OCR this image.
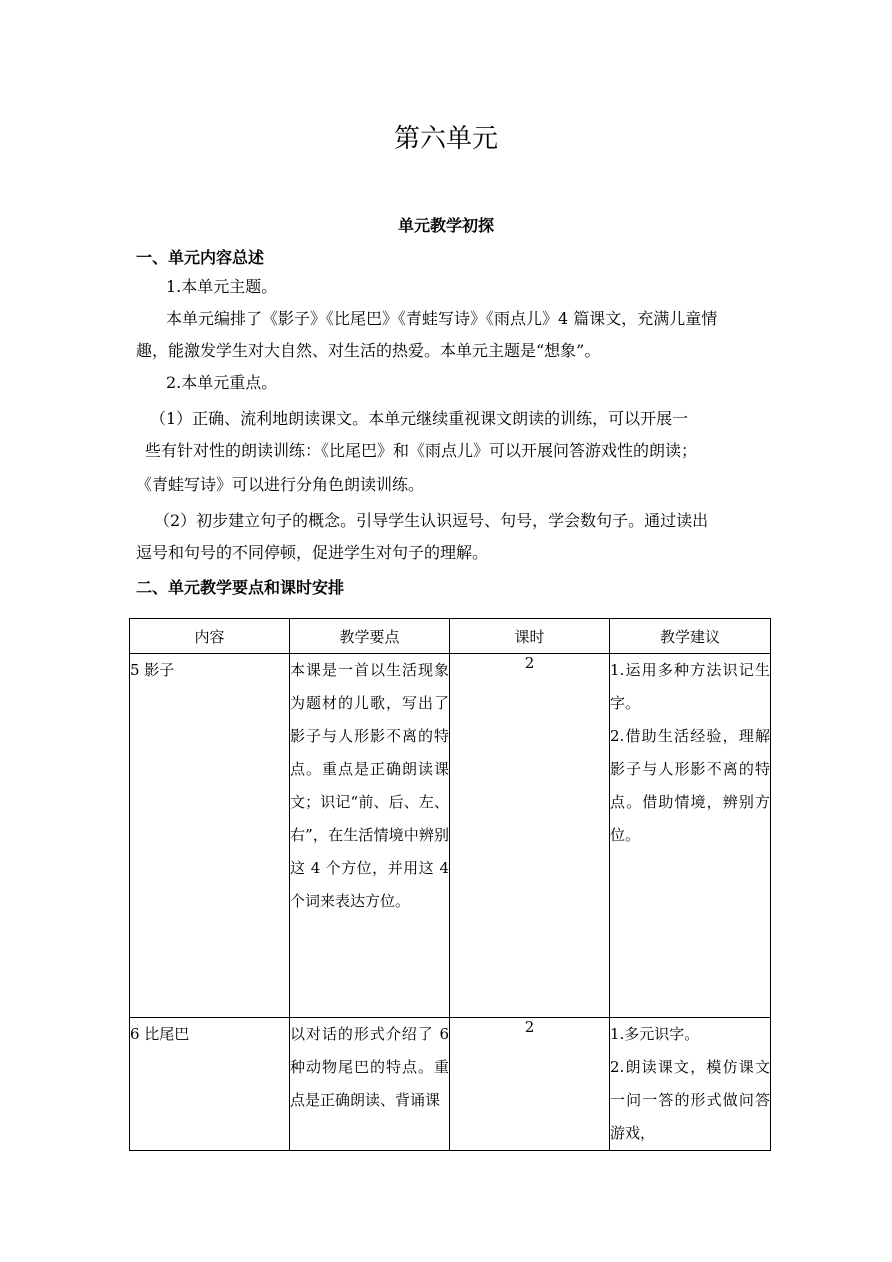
第六单元
单元教学初探
一、单元内容总述

1.本单元主题。

本单元编排了《影子》《比尾巴》《青蛙写诗》《雨点儿》4 篇课文，充满儿童情

趣，能激发学生对大自然、对生活的热爱。本单元主题是“想象”。

2.本单元重点。

（1）正确、流利地朗读课文。本单元继续重视课文朗读的训练，可以开展一

些有针对性的朗读训练：《比尾巴》和《雨点儿》可以开展问答游戏性的朗读；

《青蛙写诗》可以进行分角色朗读训练。

（2）初步建立句子的概念。引导学生认识逗号、句号，学会数句子。通过读出

逗号和句号的不同停顿，促进学生对句子的理解。

二、单元教学要点和课时安排
内容	教学要点	课时	教学建议
5 影子	本课是一首以生活现象为题材的儿歌，写出了影子与人形影不离的特点。重点是正确朗读课文；识记“前、后、左、右”，在生活情境中辨别这 4 个方位，并用这 4 个词来表达方位。	2	1.运用多种方法识记生字。
2.借助生活经验，理解影子与人形影不离的特点。借助情境，辨别方位。

6 比尾巴	以对话的形式介绍了 6 种动物尾巴的特点。重点是正确朗读、背诵课	2	1.多元识字。
2.朗读课文，模仿课文一问一答的形式做问答游戏，
